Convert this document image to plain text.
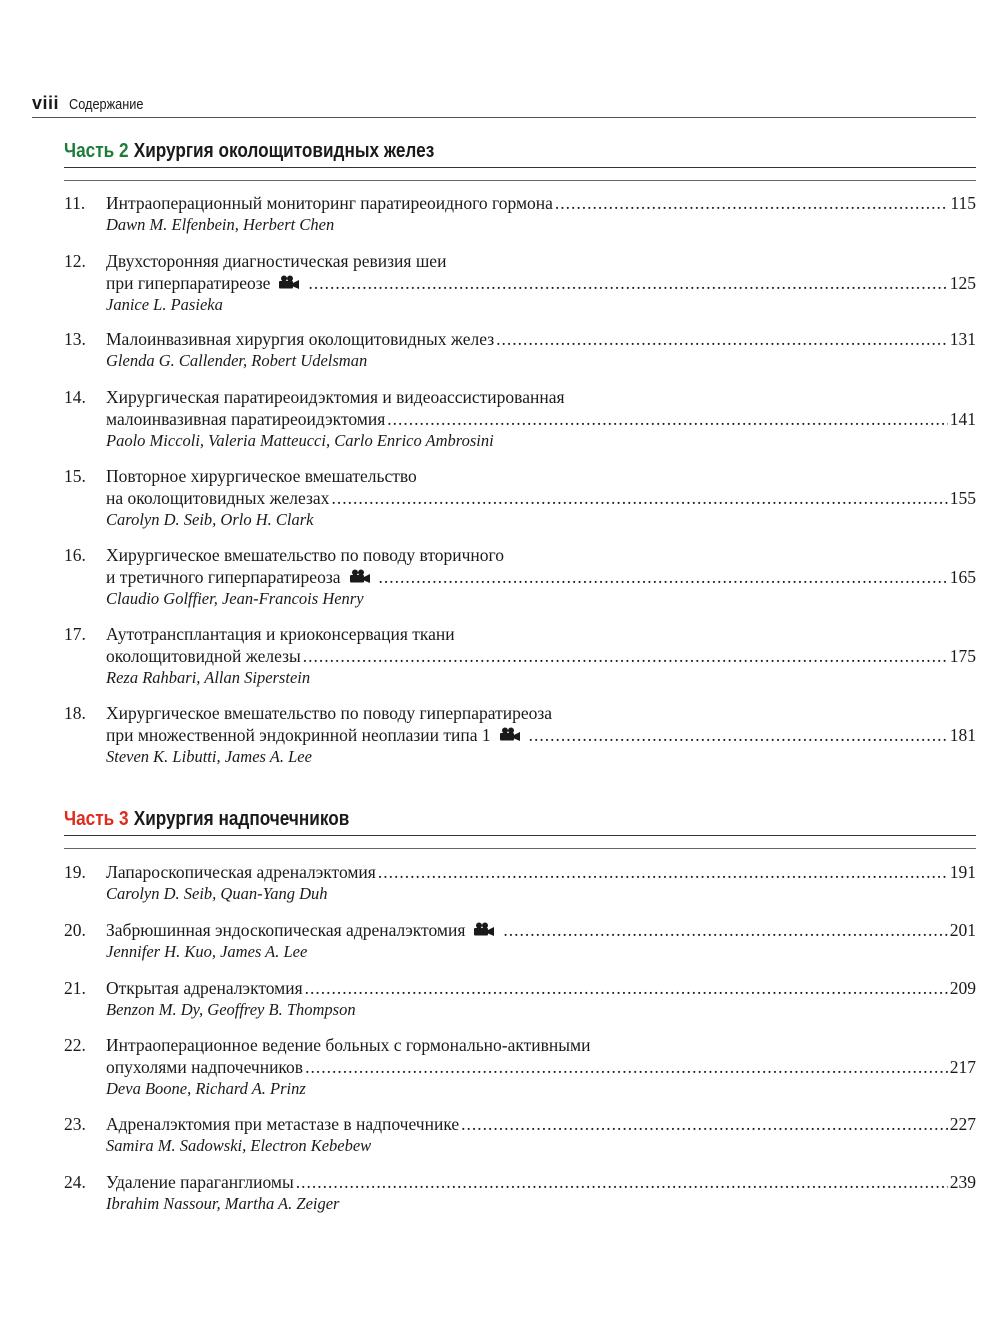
viii Содержание
Часть 2 Хирургия околощитовидных желез
11.	Интраоперационный мониторинг паратиреоидного гормона .....	115
Dawn M. Elfenbein, Herbert Chen
12.	Двухсторонняя диагностическая ревизия шеи
при гиперпаратиреозе .....	125
Janice L. Pasieka
13.	Малоинвазивная хирургия околощитовидных желез .....	131
Glenda G. Callender, Robert Udelsman
14.	Хирургическая паратиреоидэктомия и видеоассистированная
малоинвазивная паратиреоидэктомия .....	141
Paolo Miccoli, Valeria Matteucci, Carlo Enrico Ambrosini
15.	Повторное хирургическое вмешательство
на околощитовидных железах .....	155
Carolyn D. Seib, Orlo H. Clark
16.	Хирургическое вмешательство по поводу вторичного
и третичного гиперпаратиреоза .....	165
Claudio Golffier, Jean-Francois Henry
17.	Аутотрансплантация и криоконсервация ткани
околощитовидной железы .....	175
Reza Rahbari, Allan Siperstein
18.	Хирургическое вмешательство по поводу гиперпаратиреоза
при множественной эндокринной неоплазии типа 1 .....	181
Steven K. Libutti, James A. Lee
Часть 3 Хирургия надпочечников
19.	Лапароскопическая адреналэктомия .....	191
Carolyn D. Seib, Quan-Yang Duh
20.	Забрюшинная эндоскопическая адреналэктомия .....	201
Jennifer H. Kuo, James A. Lee
21.	Открытая адреналэктомия .....	209
Benzon M. Dy, Geoffrey B. Thompson
22.	Интраоперационное ведение больных с гормонально-активными
опухолями надпочечников .....	217
Deva Boone, Richard A. Prinz
23.	Адреналэктомия при метастазе в надпочечнике .....	227
Samira M. Sadowski, Electron Kebebew
24.	Удаление параганглиомы .....	239
Ibrahim Nassour, Martha A. Zeiger
